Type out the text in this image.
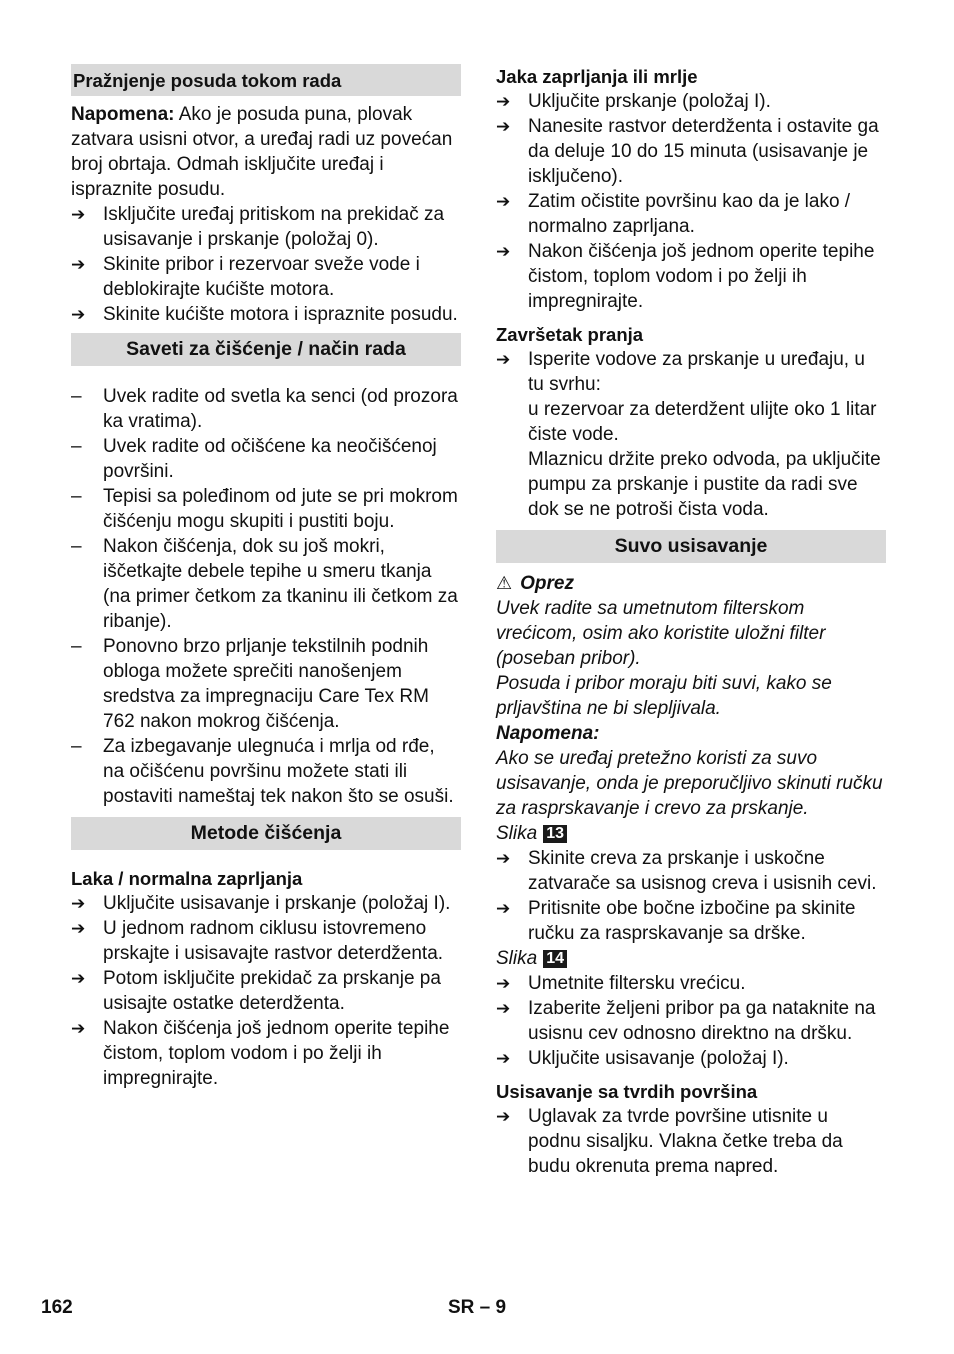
Pražnjenje posuda tokom rada
Napomena: Ako je posuda puna, plovak zatvara usisni otvor, a uređaj radi uz povećan broj obrtaja. Odmah isključite uređaj i ispraznite posudu.
➔ Isključite uređaj pritiskom na prekidač za usisavanje i prskanje (položaj 0).
➔ Skinite pribor i rezervoar sveže vode i deblokirajte kućište motora.
➔ Skinite kućište motora i ispraznite posudu.
Saveti za čišćenje / način rada
–	Uvek radite od svetla ka senci (od prozora ka vratima).
–	Uvek radite od očišćene ka neočišćenoj površini.
–	Tepisi sa poleđinom od jute se pri mokrom čišćenju mogu skupiti i pustiti boju.
–	Nakon čišćenja, dok su još mokri, iščetkajte debele tepihe u smeru tkanja (na primer četkom za tkaninu ili četkom za ribanje).
–	Ponovno brzo prljanje tekstilnih podnih obloga možete sprečiti nanošenjem sredstva za impregnaciju Care Tex RM 762 nakon mokrog čišćenja.
–	Za izbegavanje ulegnuća i mrlja od rđe, na očišćenu površinu možete stati ili postaviti nameštaj tek nakon što se osuši.
Metode čišćenja
Laka / normalna zaprljanja
➔ Uključite usisavanje i prskanje (položaj I).
➔ U jednom radnom ciklusu istovremeno prskajte i usisavajte rastvor deterdženta.
➔ Potom isključite prekidač za prskanje pa usisajte ostatke deterdženta.
➔ Nakon čišćenja još jednom operite tepihe čistom, toplom vodom i po želji ih impregnirajte.
Jaka zaprljanja ili mrlje
➔ Uključite prskanje (položaj I).
➔ Nanesite rastvor deterdženta i ostavite ga da deluje 10 do 15 minuta (usisavanje je isključeno).
➔ Zatim očistite površinu kao da je lako / normalno zaprljana.
➔ Nakon čišćenja još jednom operite tepihe čistom, toplom vodom i po želji ih impregnirajte.
Završetak pranja
➔ Isperite vodove za prskanje u uređaju, u tu svrhu:
u rezervoar za deterdžent ulijte oko 1 litar čiste vode.
Mlaznicu držite preko odvoda, pa uključite pumpu za prskanje i pustite da radi sve dok se ne potroši čista voda.
Suvo usisavanje
⚠ Oprez
Uvek radite sa umetnutom filterskom vrećicom, osim ako koristite uložni filter (poseban pribor).
Posuda i pribor moraju biti suvi, kako se prljavština ne bi slepljivala.
Napomena:
Ako se uređaj pretežno koristi za suvo usisavanje, onda je preporučljivo skinuti ručku za rasprskavanje i crevo za prskanje.
Slika 13
➔ Skinite creva za prskanje i uskočne zatvarače sa usisnog creva i usisnih cevi.
➔ Pritisnite obe bočne izbočine pa skinite ručku za rasprskavanje sa drške.
Slika 14
➔ Umetnite filtersku vrećicu.
➔ Izaberite željeni pribor pa ga nataknite na usisnu cev odnosno direktno na dršku.
➔ Uključite usisavanje (položaj I).
Usisavanje sa tvrdih površina
➔ Uglavak za tvrde površine utisnite u podnu sisaljku. Vlakna četke treba da budu okrenuta prema napred.
162	SR – 9
